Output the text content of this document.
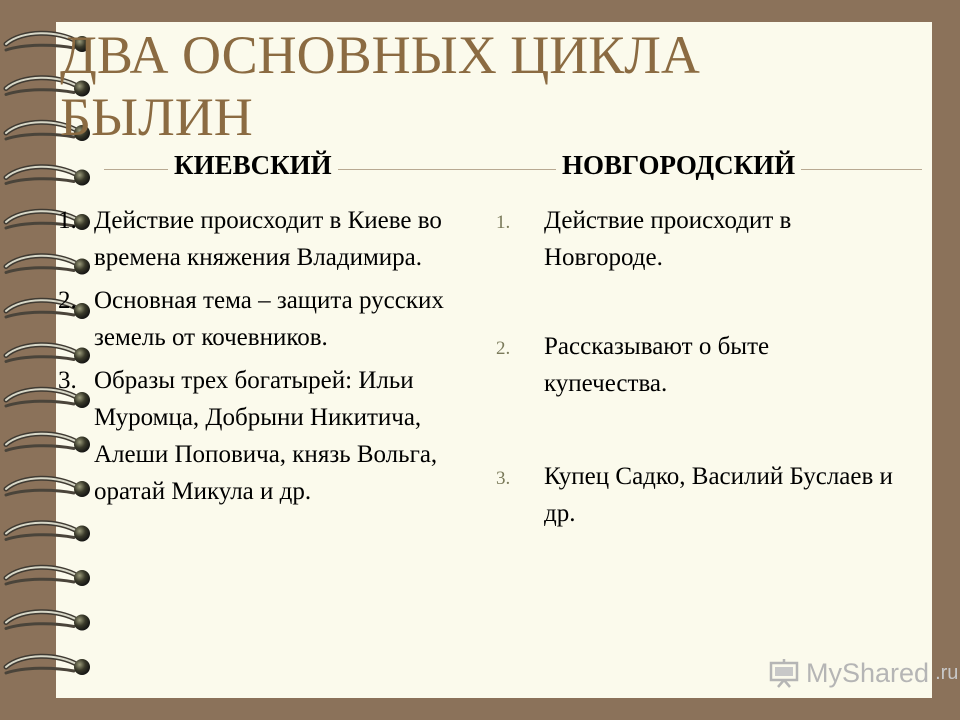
ДВА ОСНОВНЫХ ЦИКЛА БЫЛИН
КИЕВСКИЙ	НОВГОРОДСКИЙ
1. Действие происходит в Киеве во времена княжения Владимира.
2. Основная тема – защита русских земель от кочевников.
3. Образы трех богатырей: Ильи Муромца, Добрыни Никитича, Алеши Поповича, князь Вольга, оратай Микула и др.
1. Действие происходит в Новгороде.
2. Рассказывают о быте купечества.
3. Купец Садко, Василий Буслаев и др.
MyShared .ru
